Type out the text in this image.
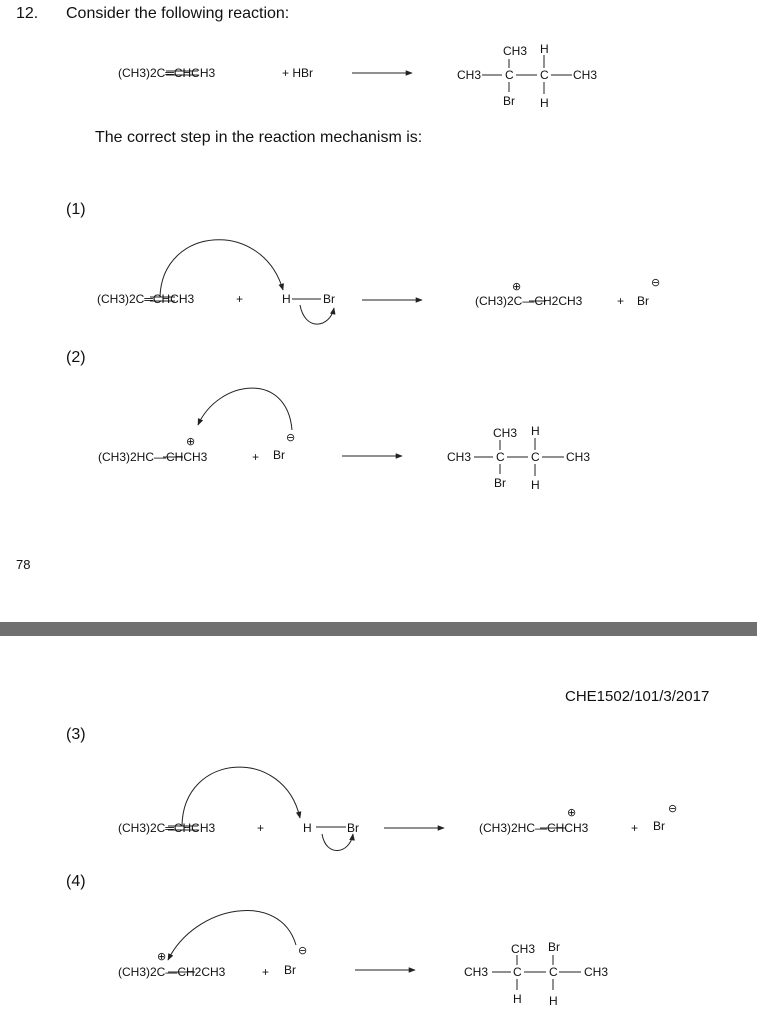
12. Consider the following reaction:
(CH3)2C═CHCH3	+ HBr	CH3
CH3 H
C C
Br H
CH3
The correct step in the reaction mechanism is:
(1)
(CH3)2C═CHCH3	+	H	Br	(CH3)2C—CH2CH3
⊕
+ Br
⊖
(2)
(CH3)2HC—CHCH3
⊕
+ Br
⊖
CH3
CH3 H
C C
Br H
CH3
78
CHE1502/101/3/2017
(3)
(CH3)2C═CHCH3	+	H	Br	(CH3)2HC—CHCH3
⊕
+ Br
⊖
(4)
(CH3)2C—CH2CH3
⊕
+ Br
⊖
CH3
CH3 Br
C C
H H
CH3
